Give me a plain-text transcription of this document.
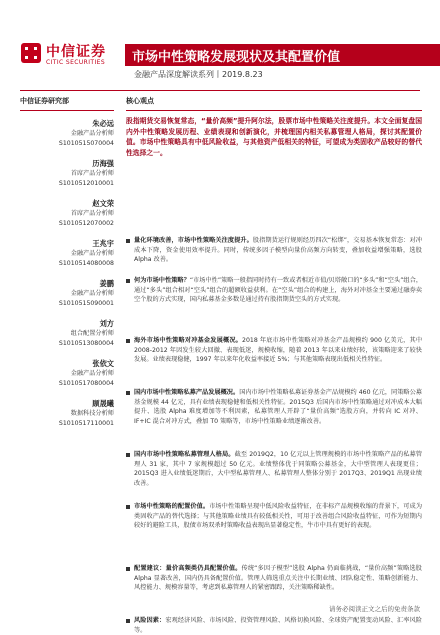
中信证券
CITIC SECURITIES 市场中性策略发展现状及其配置价值
金融产品深度解读系列丨2019.8.23
中信证券研究部
朱必远
金融产品分析师
S1010515070004
历海强
首席产品分析师
S1010512010001
赵文荣
首席产品分析师
S1010512070002
王兆宇
金融产品分析师
S1010514080008
姜鹏
金融产品分析师
S1010515090001
刘方
组合配置分析师
S1010513080004
张依文
金融产品分析师
S1010517080004
顾晟曦
数据科技分析师
S1010517110001
核心观点
股指期货交易恢复常态，“量价高频”提升阿尔法，股票市场中性策略关注度提升。本文全面复盘国内外中性策略发展历程、业绩表现和创新演化，并梳理国内相关私募管理人格局，探讨其配置价值。市场中性策略具有中低风险收益，与其他资产低相关的特征，可望成为类固收产品较好的替代性选择之一。
量化环境改善，市场中性策略关注度提升。股指期货运行规则经历四次“松绑”，交易基本恢复常态：对冲成本下降，资金使用效率提升。同时，传统多因子模型向量价高频方向转变，叠加收益增强策略，选股 Alpha 改善。
何为市场中性策略？“市场中性”策略一般指同时持有一致或者相近市值/贝塔敞口的“多头”和“空头”组合，通过“多头”组合相对“空头”组合的超额收益获利。在“空头”组合的构建上，海外对冲基金主要通过融券卖空个股的方式实现，国内私募基金多数是通过持有股指期货空头的方式实现。
海外市场中性策略对冲基金发展概况。2018 年底市场中性策略对冲基金产品规模约 900 亿美元，其中 2008-2012 年因发生较大回撤、表现低迷，规模收缩，随着 2013 年以来业绩好转，该策略迎来了较快发展。业绩表现稳健，1997 年以来年化收益率接近 5%；与其他策略表现出低相关性特征。
国内市场中性策略私募产品发展概况。国内市场中性策略私募证券基金产品规模约 460 亿元，同策略公募基金规模 44 亿元，具有业绩表现稳健和低相关性特征。2015Q3 后国内市场中性策略通过对冲成本大幅提升、选股 Alpha 难度增加等不利因素，私募管理人开辟了“量价高频”选股方向，并转向 IC 对冲、IF+IC 混合对冲方式，叠加 T0 策略等，市场中性策略业绩逐渐改善。
国内市场中性策略私募管理人格局。截至 2019Q2，10 亿元以上管理规模的市场中性策略产品的私募管理人 31 家，其中 7 家规模超过 50 亿元。业绩整体优于同策略公募基金，大中型管理人表现更佳；2015Q3 进入业绩低迷期后，大中型私募管理人、私募管理人整体分别于 2017Q3、2019Q1 出现业绩改善。
市场中性策略的配置价值。市场中性策略呈现中低风险收益特征，在非标产品规模收缩的背景下，可成为类固收产品的替代选择；与其他策略业绩具有较低相关性，可用于改善组合风险收益特征，可作为短期内较好的避险工具，股债市场双杀时策略收益表现出显著稳定性，牛市中具有更好的表现。
配置建议：量价高频类仍具配置价值。传统“多因子模型”选股 Alpha 仍面临挑战，“量价高频”策略选股 Alpha 显著改善，国内仍具备配置价值。管理人筛选重点关注中长期业绩、团队稳定性、策略创新能力、风控能力、规模容量等，考虑到私募管理人的紧密跟踪，关注策略稀缺性。
风险因素：宏观经济风险、市场风险、投资管理风险、风格切换风险、全球资产配置变动风险、汇率风险等。
请务必阅读正文之后的免责条款
